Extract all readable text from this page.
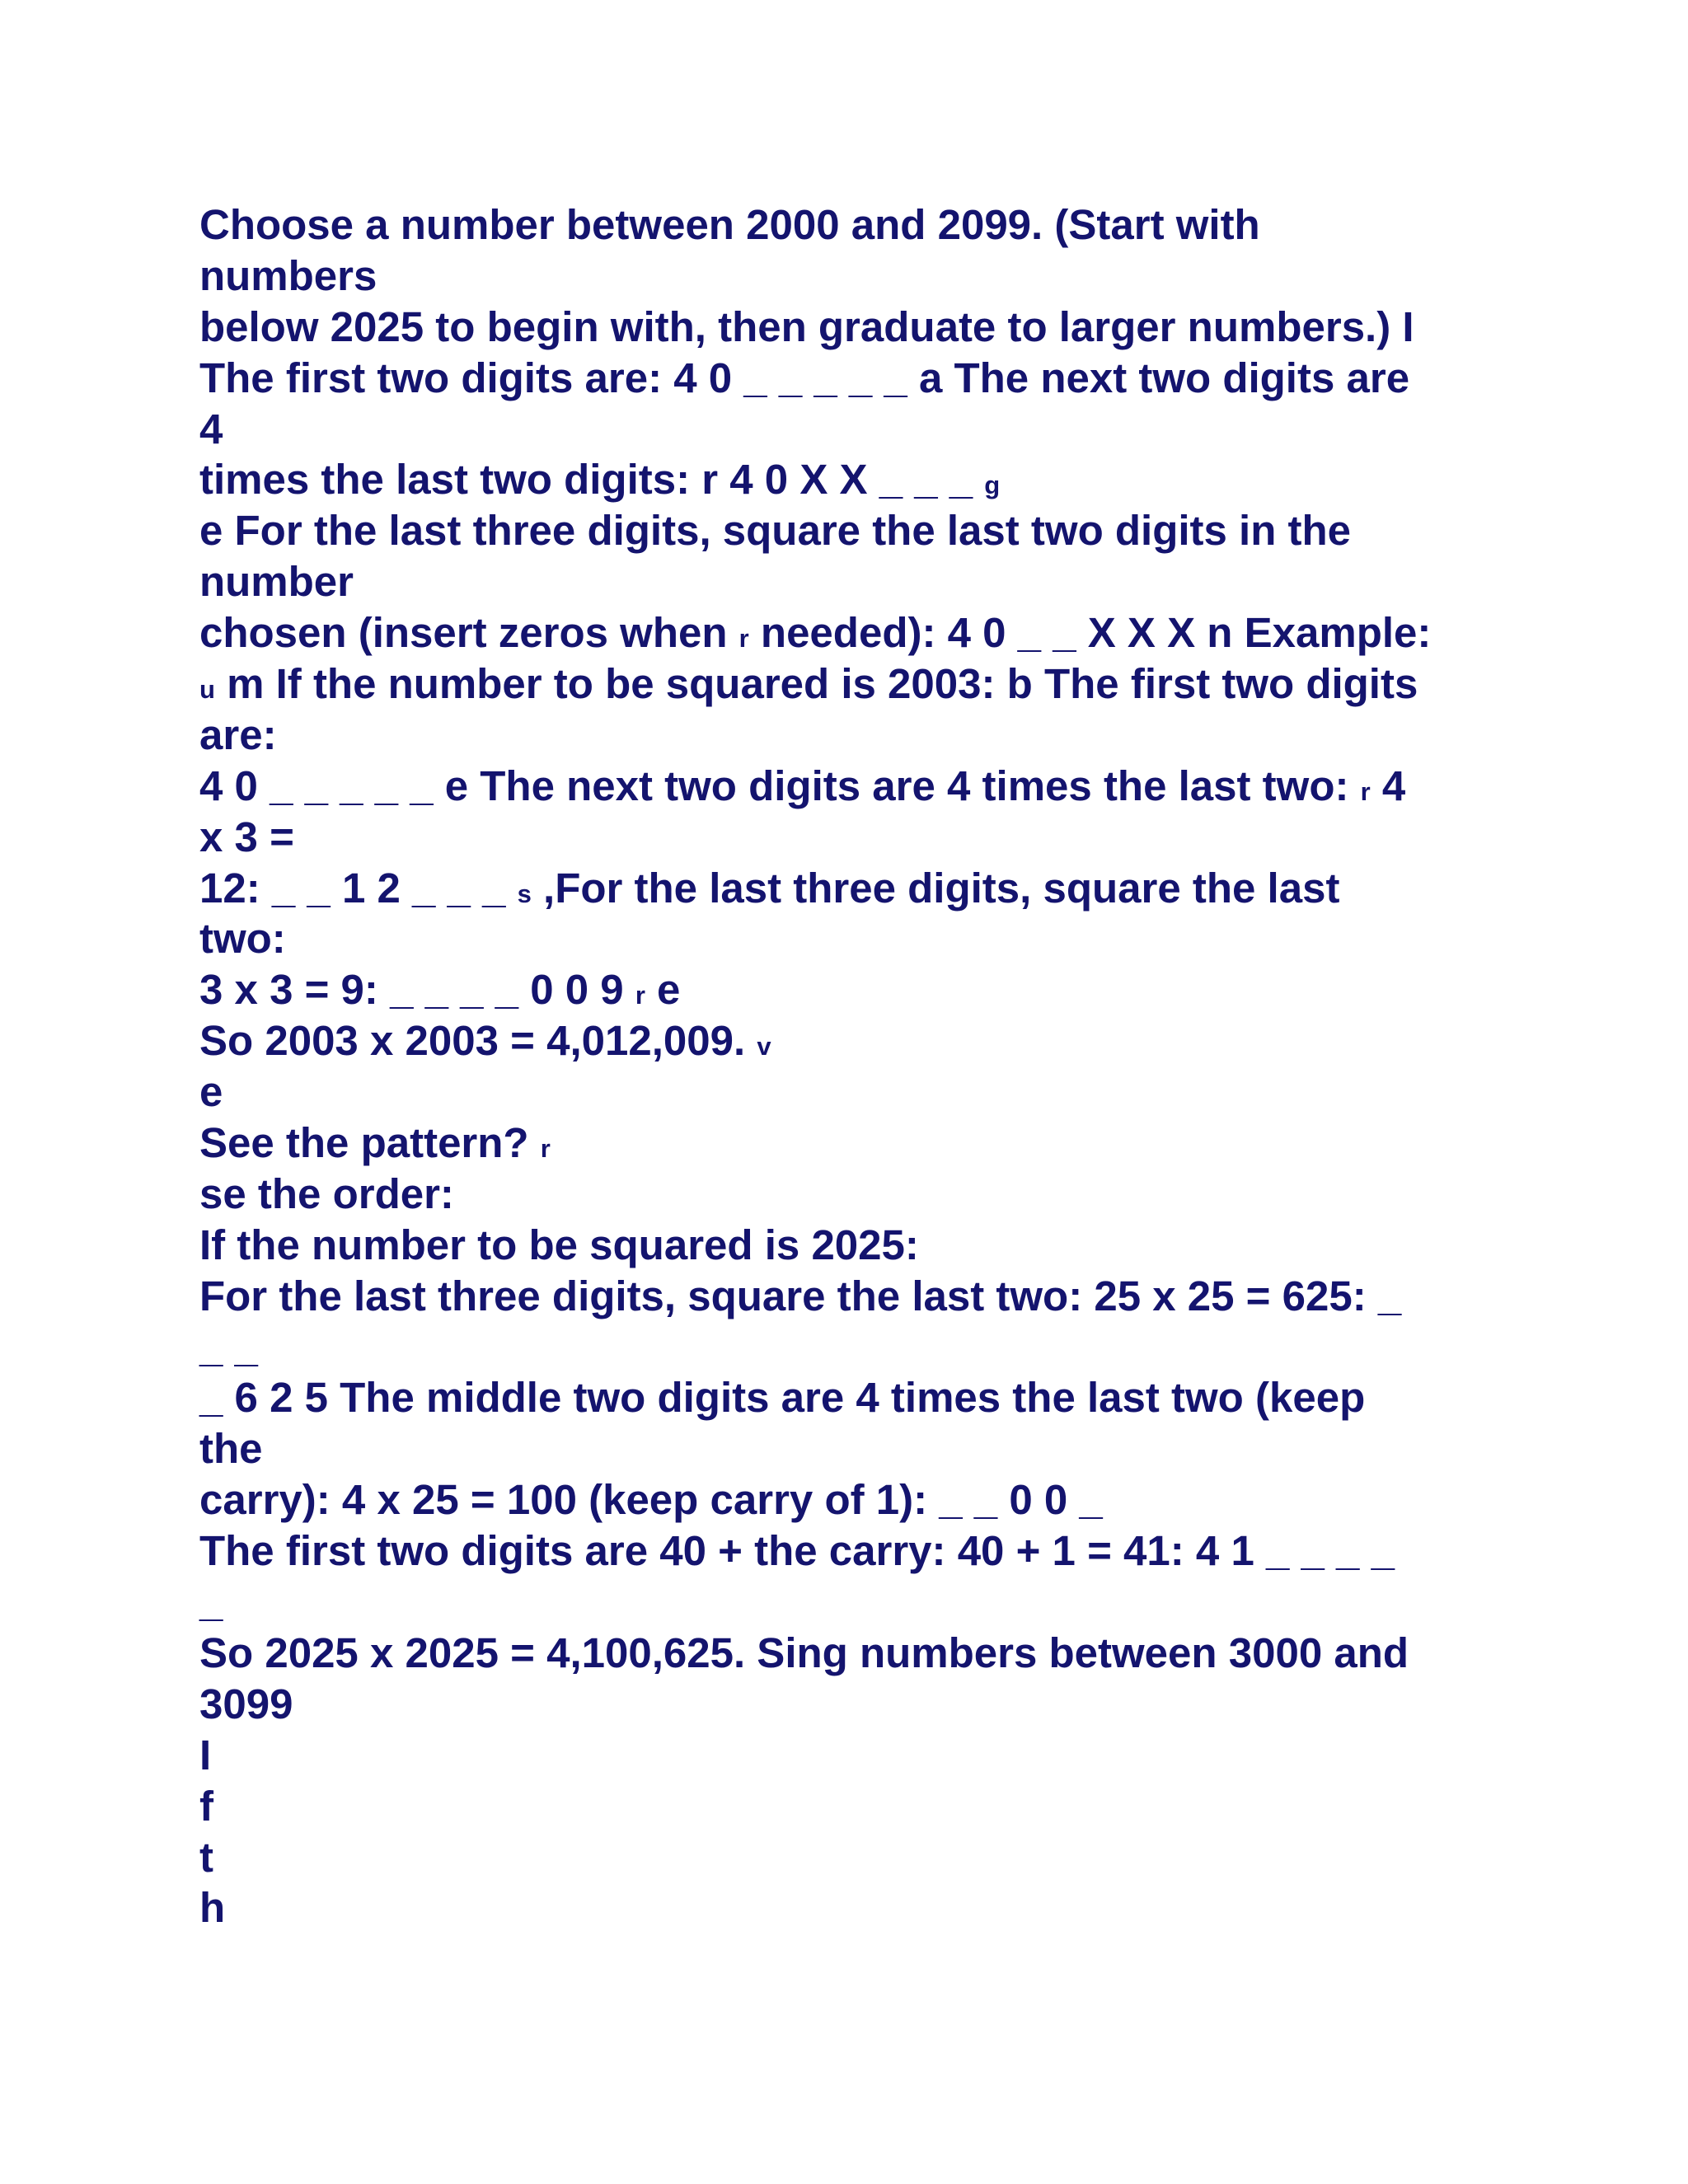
Choose a number between 2000 and 2099. (Start with
numbers
below 2025 to begin with, then graduate to larger numbers.) I
The first two digits are: 4 0 _ _ _ _ _ a The next two digits are
4
times the last two digits: r 4 0 X X _ _ _ g
e For the last three digits, square the last two digits in the
number
chosen (insert zeros when r needed): 4 0 _ _ X X X n Example:
u m If the number to be squared is 2003: b The first two digits
are:
4 0 _ _ _ _ _ e The next two digits are 4 times the last two: r 4
x 3 =
12: _ _ 1 2 _ _ _ s ,For the last three digits, square the last
two:
3 x 3 = 9: _ _ _ _ 0 0 9 r e
So 2003 x 2003 = 4,012,009. v
e
See the pattern? r
se the order:
If the number to be squared is 2025:
For the last three digits, square the last two: 25 x 25 = 625: _
_ _
_ 6 2 5 The middle two digits are 4 times the last two (keep
the
carry): 4 x 25 = 100 (keep carry of 1): _ _ 0 0 _
The first two digits are 40 + the carry: 40 + 1 = 41: 4 1 _ _ _ _
_
So 2025 x 2025 = 4,100,625. Sing numbers between 3000 and
3099
I
f
t
h
